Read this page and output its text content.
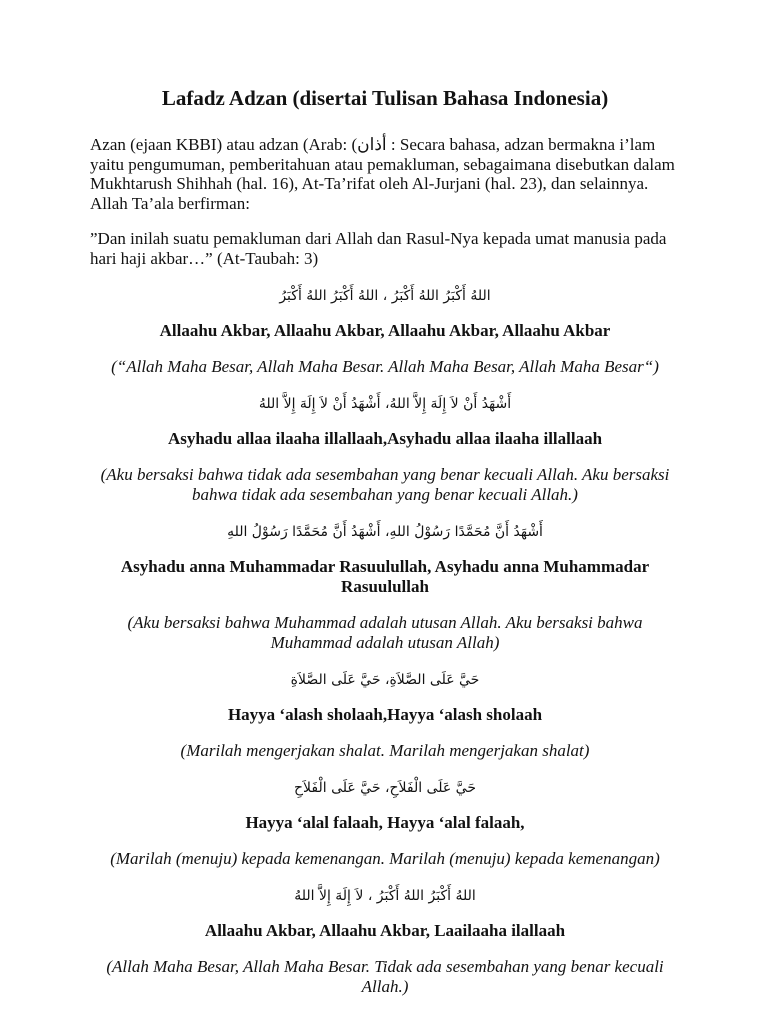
Lafadz Adzan (disertai Tulisan Bahasa Indonesia)

Azan (ejaan KBBI) atau adzan (Arab: (أذان : Secara bahasa, adzan bermakna i’lam yaitu pengumuman, pemberitahuan atau pemakluman, sebagaimana disebutkan dalam Mukhtarush Shihhah (hal. 16), At-Ta’rifat oleh Al-Jurjani (hal. 23), dan selainnya. Allah Ta’ala berfirman:

”Dan inilah suatu pemakluman dari Allah dan Rasul-Nya kepada umat manusia pada hari haji akbar…” (At-Taubah: 3)

اللهُ أَكْبَرُ اللهُ أَكْبَرُ ، اللهُ أَكْبَرُ اللهُ أَكْبَرُ

Allaahu Akbar, Allaahu Akbar, Allaahu Akbar, Allaahu Akbar

(“Allah Maha Besar, Allah Maha Besar. Allah Maha Besar, Allah Maha Besar“)

أَشْهَدُ أَنْ لاَ إِلَهَ إِلاَّ اللهُ، أَشْهَدُ أَنْ لاَ إِلَهَ إِلاَّ اللهُ

Asyhadu allaa ilaaha illallaah,Asyhadu allaa ilaaha illallaah

(Aku bersaksi bahwa tidak ada sesembahan yang benar kecuali Allah. Aku bersaksi bahwa tidak ada sesembahan yang benar kecuali Allah.)

أَشْهَدُ أَنَّ مُحَمَّدًا رَسُوْلُ اللهِ، أَشْهَدُ أَنَّ مُحَمَّدًا رَسُوْلُ اللهِ

Asyhadu anna Muhammadar Rasuulullah, Asyhadu anna Muhammadar Rasuulullah

(Aku bersaksi bahwa Muhammad adalah utusan Allah. Aku bersaksi bahwa Muhammad adalah utusan Allah)

حَيَّ عَلَى الصَّلاَةِ، حَيَّ عَلَى الصَّلاَةِ

Hayya ‘alash sholaah,Hayya ‘alash sholaah

(Marilah mengerjakan shalat. Marilah mengerjakan shalat)

حَيَّ عَلَى الْفَلاَحِ، حَيَّ عَلَى الْفَلاَحِ

Hayya ‘alal falaah, Hayya ‘alal falaah,

(Marilah (menuju) kepada kemenangan. Marilah (menuju) kepada kemenangan)

اللهُ أَكْبَرُ اللهُ أَكْبَرُ ، لاَ إِلَهَ إِلاَّ اللهُ

Allaahu Akbar, Allaahu Akbar, Laailaaha ilallaah

(Allah Maha Besar, Allah Maha Besar. Tidak ada sesembahan yang benar kecuali Allah.)
